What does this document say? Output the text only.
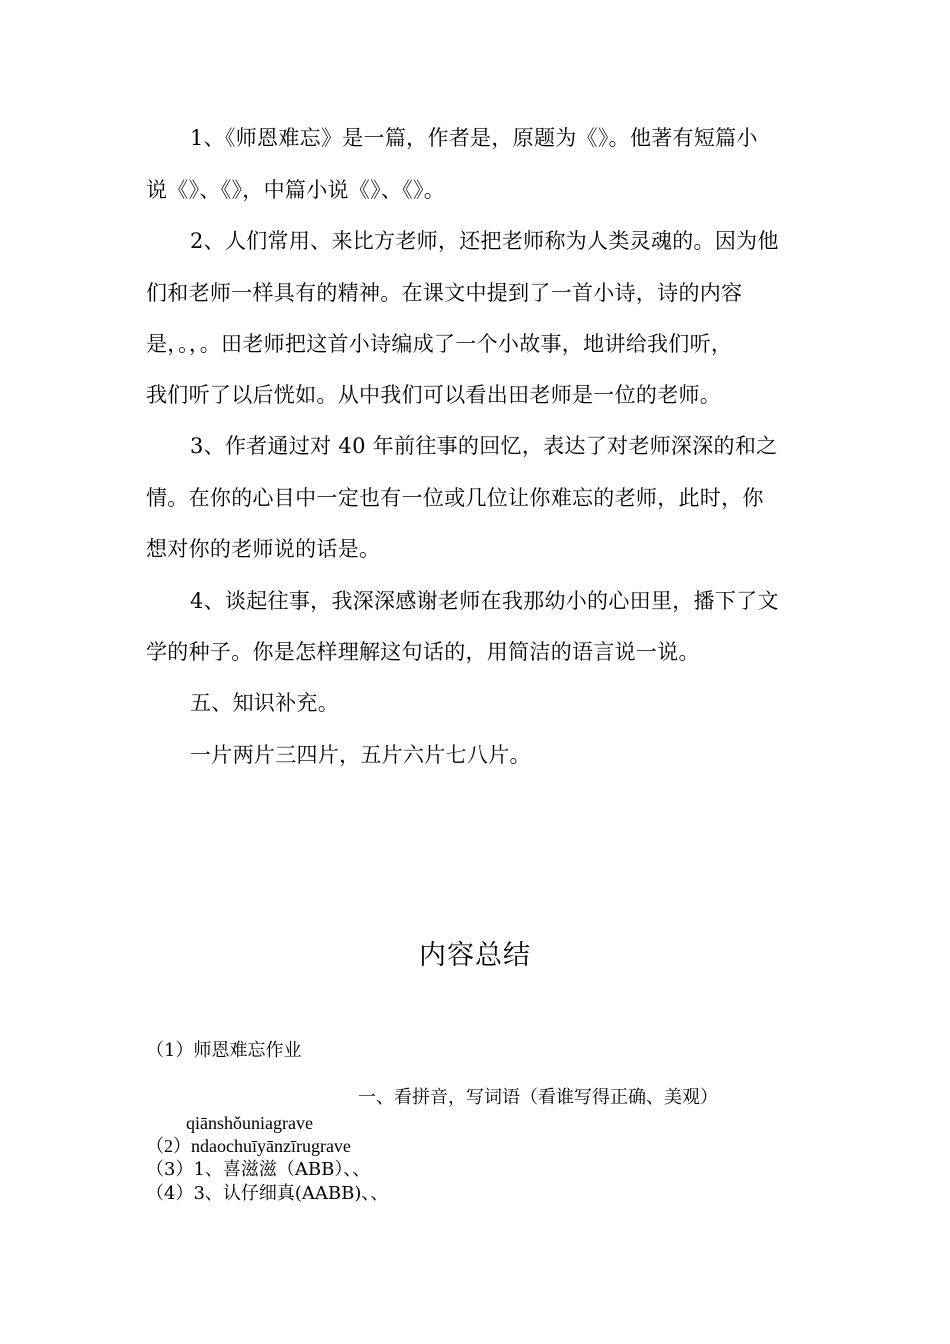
1、《师恩难忘》是一篇，作者是，原题为《》。他著有短篇小
说《》、《》，中篇小说《》、《》。
2、人们常用、来比方老师，还把老师称为人类灵魂的。因为他
们和老师一样具有的精神。在课文中提到了一首小诗，诗的内容
是，。，。田老师把这首小诗编成了一个小故事，地讲给我们听，
我们听了以后恍如。从中我们可以看出田老师是一位的老师。
3、作者通过对 40 年前往事的回忆，表达了对老师深深的和之
情。在你的心目中一定也有一位或几位让你难忘的老师，此时，你
想对你的老师说的话是。
4、谈起往事，我深深感谢老师在我那幼小的心田里，播下了文
学的种子。你是怎样理解这句话的，用简洁的语言说一说。
五、知识补充。
一片两片三四片，五片六片七八片。
内容总结
（1）师恩难忘作业
一、看拼音，写词语（看谁写得正确、美观）
qiānshǒuniagrave
（2）ndaochuīyānzīrugrave
（3）1、喜滋滋（ABB）、、
（4）3、认仔细真(AABB)、、
